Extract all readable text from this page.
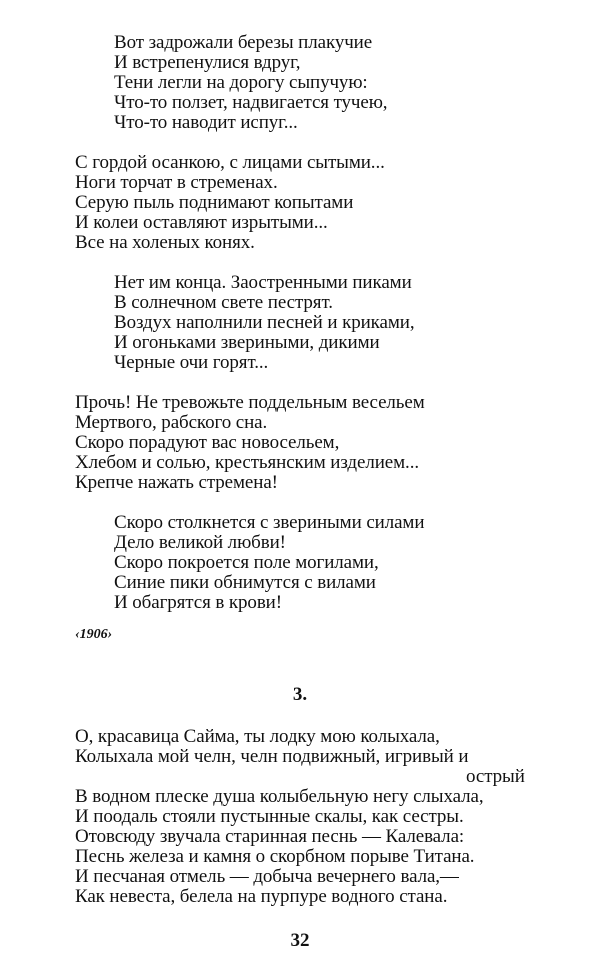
Вот задрожали березы плакучие
И встрепенулися вдруг,
Тени легли на дорогу сыпучую:
Что-то ползет, надвигается тучею,
Что-то наводит испуг...
С гордой осанкою, с лицами сытыми...
Ноги торчат в стременах.
Серую пыль поднимают копытами
И колеи оставляют изрытыми...
Все на холеных конях.
Нет им конца. Заостренными пиками
В солнечном свете пестрят.
Воздух наполнили песней и криками,
И огоньками звериными, дикими
Черные очи горят...
Прочь! Не тревожьте поддельным весельем
Мертвого, рабского сна.
Скоро порадуют вас новосельем,
Хлебом и солью, крестьянским изделием...
Крепче нажать стремена!
Скоро столкнется с звериными силами
Дело великой любви!
Скоро покроется поле могилами,
Синие пики обнимутся с вилами
И обагрятся в крови!
‹1906›
3.
О, красавица Сайма, ты лодку мою колыхала,
Колыхала мой челн, челн подвижный, игривый и
острый
В водном плеске душа колыбельную негу слыхала,
И поодаль стояли пустынные скалы, как сестры.
Отовсюду звучала старинная песнь — Калевала:
Песнь железа и камня о скорбном порыве Титана.
И песчаная отмель — добыча вечернего вала,—
Как невеста, белела на пурпуре водного стана.
32
